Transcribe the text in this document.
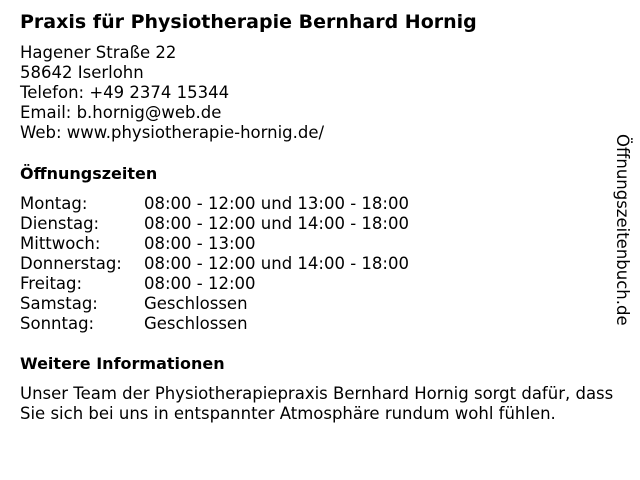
Praxis für Physiotherapie Bernhard Hornig
Hagener Straße 22
58642 Iserlohn
Telefon: +49 2374 15344
Email: b.hornig@web.de
Web: www.physiotherapie-hornig.de/
Öffnungszeiten
Montag:	08:00 - 12:00 und 13:00 - 18:00
Dienstag:	08:00 - 12:00 und 14:00 - 18:00
Mittwoch:	08:00 - 13:00
Donnerstag:	08:00 - 12:00 und 14:00 - 18:00
Freitag:	08:00 - 12:00
Samstag:	Geschlossen
Sonntag:	Geschlossen
Weitere Informationen

Unser Team der Physiotherapiepraxis Bernhard Hornig sorgt dafür, dass Sie sich bei uns in entspannter Atmosphäre rundum wohl fühlen.

Öffnungszeitenbuch.de
